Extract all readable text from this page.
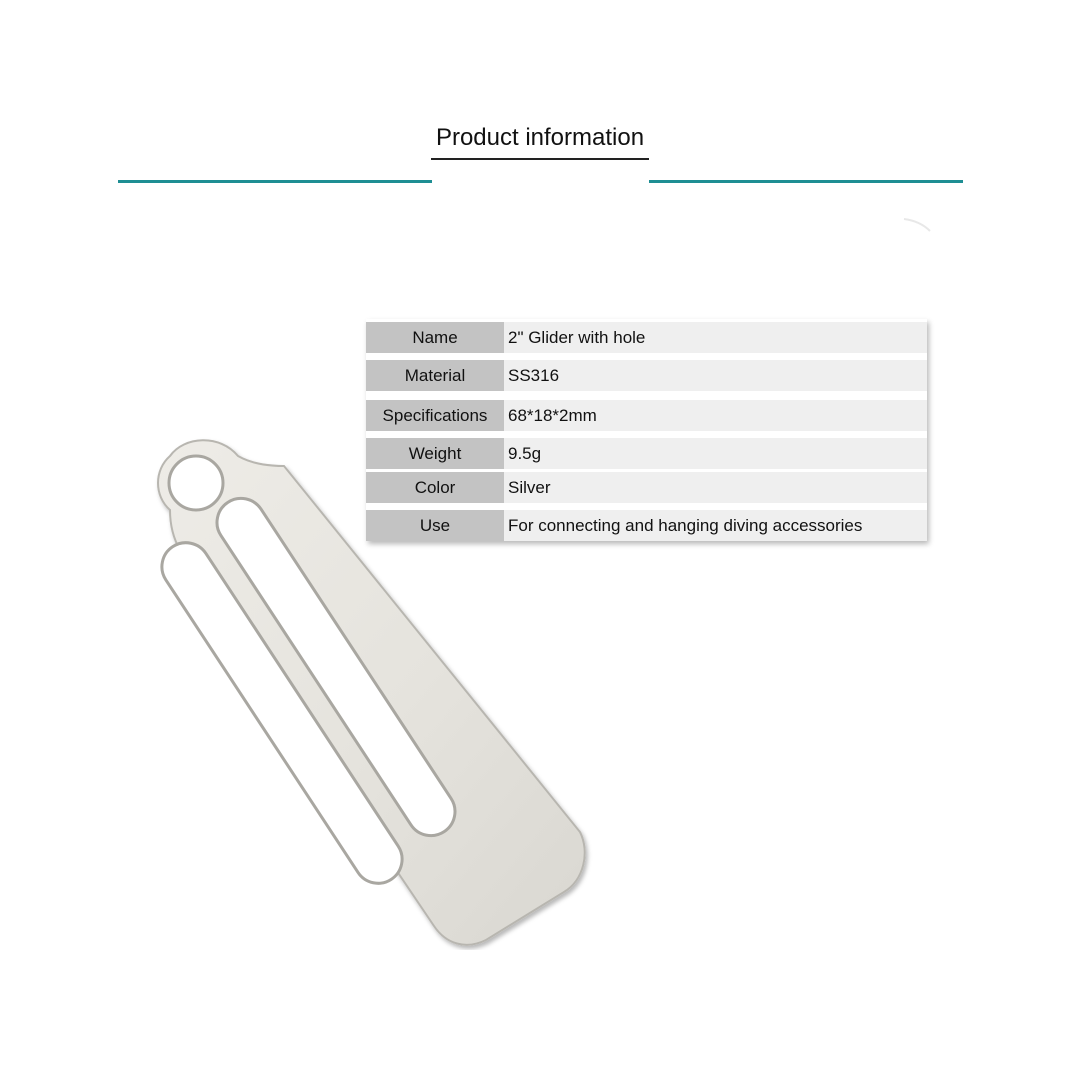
Product information
Name	2" Glider with hole
Material	SS316
Specifications	68*18*2mm
Weight	9.5g
Color	Silver
Use	For connecting and hanging diving accessories
